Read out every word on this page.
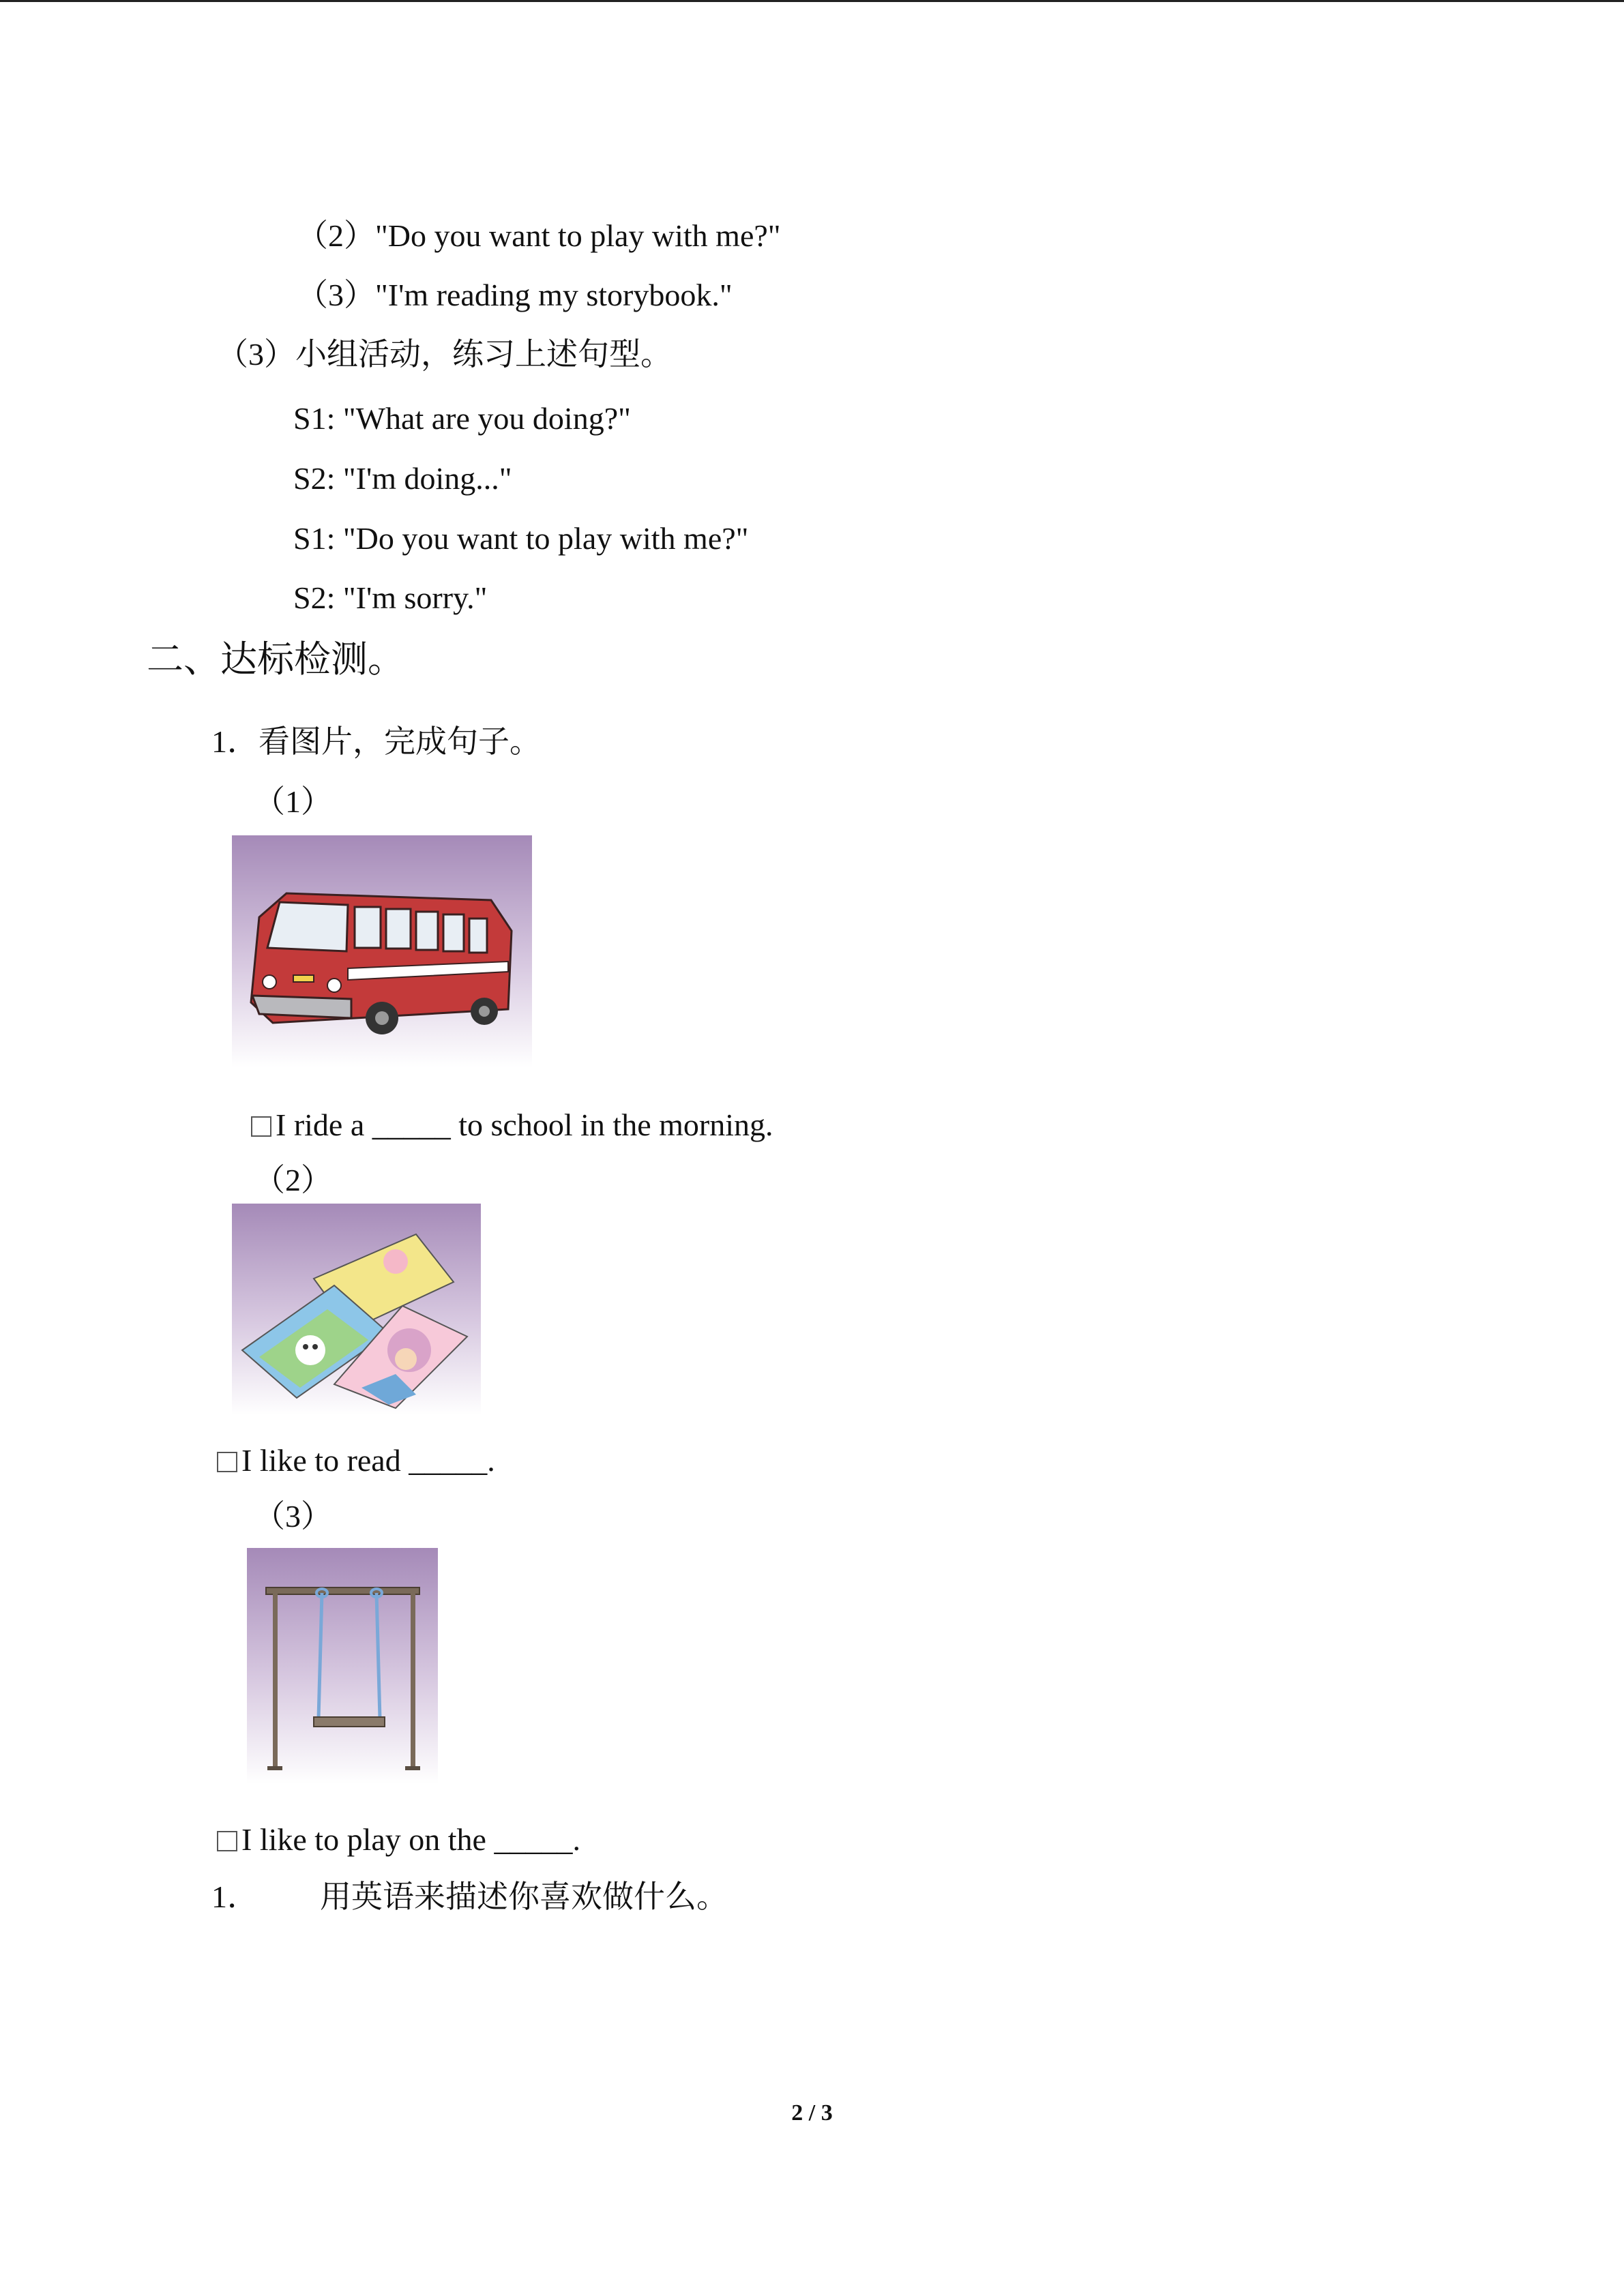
（2）"Do you want to play with me?"
（3）"I'm reading my storybook."
（3）小组活动，练习上述句型。
S1: "What are you doing?"
S2: "I'm doing..."
S1: "Do you want to play with me?"
S2: "I'm sorry."
二、达标检测。
1．看图片，完成句子。
（1）
I ride a _____ to school in the morning.
（2）
I like to read _____.
（3）
I like to play on the _____.
1． 用英语来描述你喜欢做什么。
2 / 3
